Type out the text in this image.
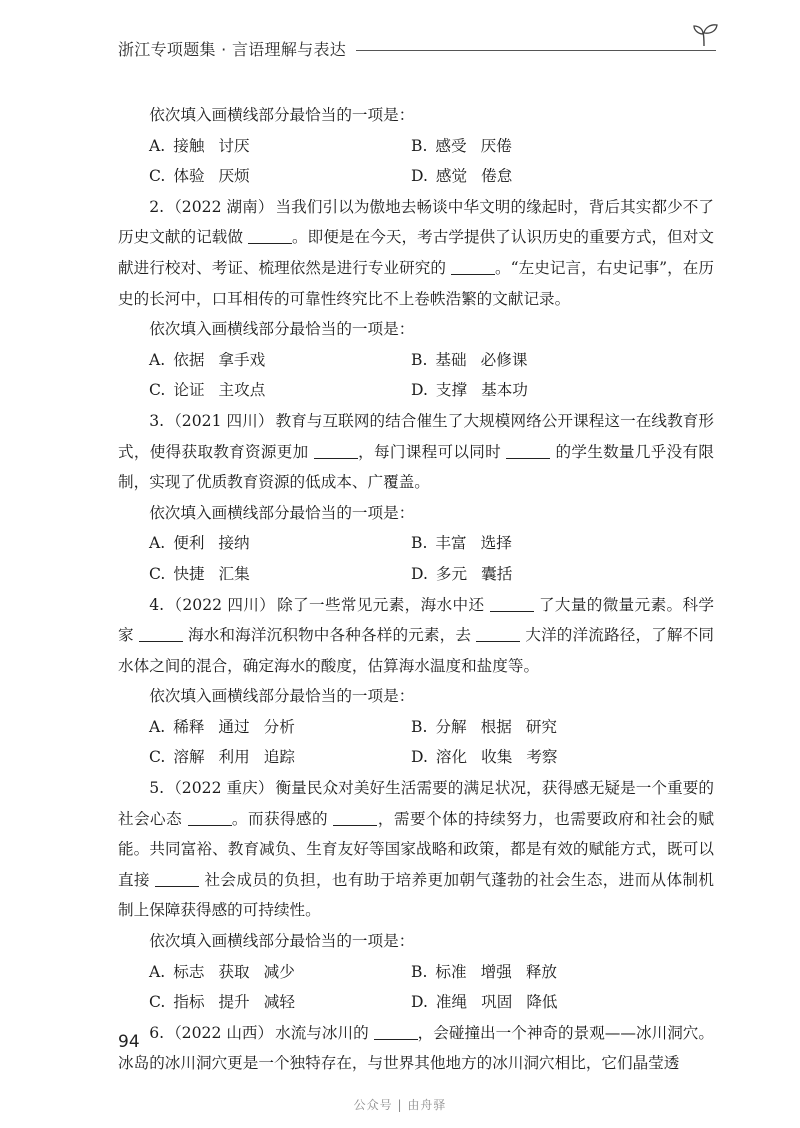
浙江专项题集 · 言语理解与表达

依次填入画横线部分最恰当的一项是：

A. 接触 讨厌	B. 感受 厌倦
C. 体验 厌烦	D. 感觉 倦怠

2. （2022 湖南） 当我们引以为傲地去畅谈中华文明的缘起时，背后其实都少不了历史文献的记载做	。即便是在今天，考古学提供了认识历史的重要方式，但对文献进行校对、考证、梳理依然是进行专业研究的	。“左史记言，右史记事”，在历史的长河中，口耳相传的可靠性终究比不上卷帙浩繁的文献记录。

依次填入画横线部分最恰当的一项是：

A. 依据 拿手戏	B. 基础 必修课
C. 论证 主攻点	D. 支撑 基本功

3. （2021 四川） 教育与互联网的结合催生了大规模网络公开课程这一在线教育形式，使得获取教育资源更加	，每门课程可以同时	的学生数量几乎没有限制，实现了优质教育资源的低成本、广覆盖。

依次填入画横线部分最恰当的一项是：

A. 便利 接纳	B. 丰富 选择
C. 快捷 汇集	D. 多元 囊括

4. （2022 四川） 除了一些常见元素，海水中还	了大量的微量元素。科学家	海水和海洋沉积物中各种各样的元素，去	大洋的洋流路径，了解不同水体之间的混合，确定海水的酸度，估算海水温度和盐度等。

依次填入画横线部分最恰当的一项是：

A. 稀释 通过 分析	B. 分解 根据 研究
C. 溶解 利用 追踪	D. 溶化 收集 考察

5. （2022 重庆） 衡量民众对美好生活需要的满足状况，获得感无疑是一个重要的社会心态	。而获得感的	，需要个体的持续努力，也需要政府和社会的赋能。共同富裕、教育减负、生育友好等国家战略和政策，都是有效的赋能方式，既可以直接	社会成员的负担，也有助于培养更加朝气蓬勃的社会生态，进而从体制机制上保障获得感的可持续性。

依次填入画横线部分最恰当的一项是：

A. 标志 获取 减少	B. 标准 增强 释放
C. 指标 提升 减轻	D. 准绳 巩固 降低

6. （2022 山西） 水流与冰川的	，会碰撞出一个神奇的景观——冰川洞穴。冰岛的冰川洞穴更是一个独特存在，与世界其他地方的冰川洞穴相比，它们晶莹透

94
公众号 | 由舟驿
